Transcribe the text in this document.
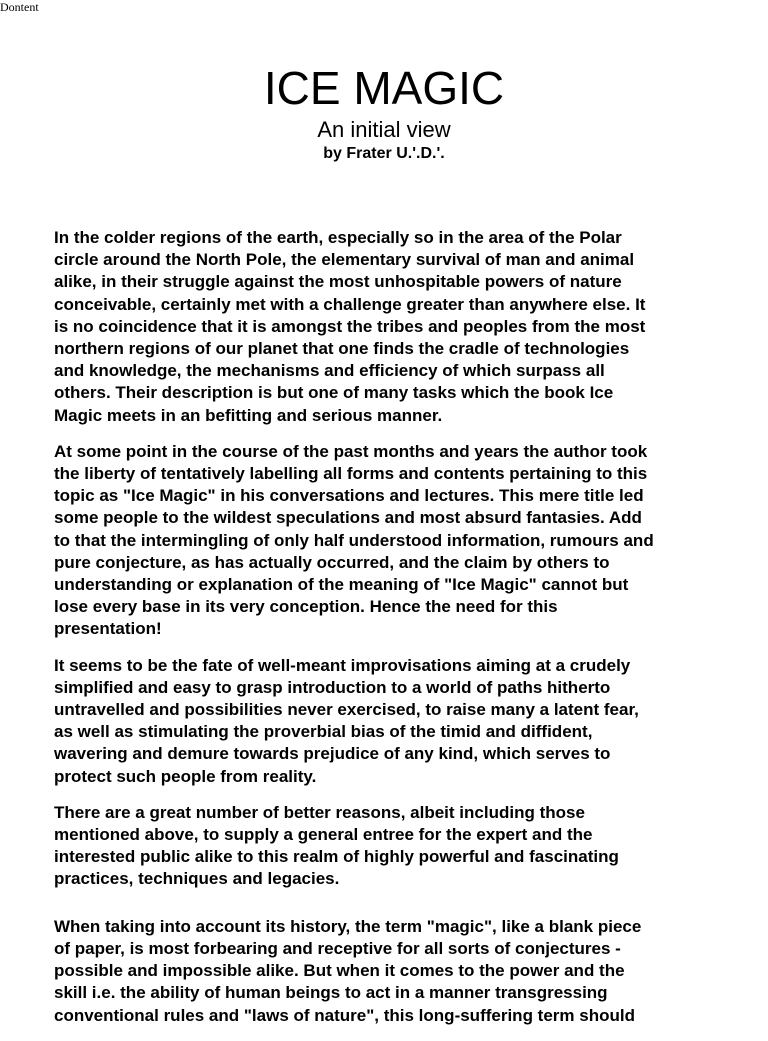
Dontent
ICE MAGIC
An initial view
by Frater U.'.D.'.

In the colder regions of the earth, especially so in the area of the Polar
circle around the North Pole, the elementary survival of man and animal
alike, in their struggle against the most unhospitable powers of nature
conceivable, certainly met with a challenge greater than anywhere else. It
is no coincidence that it is amongst the tribes and peoples from the most
northern regions of our planet that one finds the cradle of technologies
and knowledge, the mechanisms and efficiency of which surpass all
others. Their description is but one of many tasks which the book Ice
Magic meets in an befitting and serious manner.

At some point in the course of the past months and years the author took
the liberty of tentatively labelling all forms and contents pertaining to this
topic as "Ice Magic" in his conversations and lectures. This mere title led
some people to the wildest speculations and most absurd fantasies. Add
to that the intermingling of only half understood information, rumours and
pure conjecture, as has actually occurred, and the claim by others to
understanding or explanation of the meaning of "Ice Magic" cannot but
lose every base in its very conception. Hence the need for this
presentation!

It seems to be the fate of well-meant improvisations aiming at a crudely
simplified and easy to grasp introduction to a world of paths hitherto
untravelled and possibilities never exercised, to raise many a latent fear,
as well as stimulating the proverbial bias of the timid and diffident,
wavering and demure towards prejudice of any kind, which serves to
protect such people from reality.

There are a great number of better reasons, albeit including those
mentioned above, to supply a general entree for the expert and the
interested public alike to this realm of highly powerful and fascinating
practices, techniques and legacies.

When taking into account its history, the term "magic", like a blank piece
of paper, is most forbearing and receptive for all sorts of conjectures -
possible and impossible alike. But when it comes to the power and the
skill i.e. the ability of human beings to act in a manner transgressing
conventional rules and "laws of nature", this long-suffering term should
